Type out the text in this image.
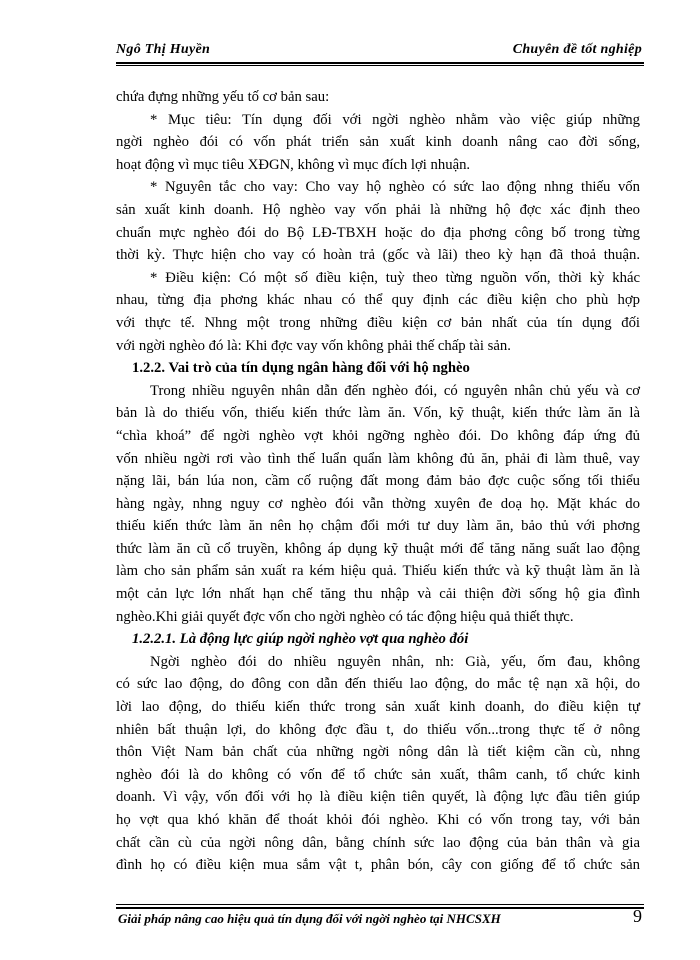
Ngô Thị Huyền	Chuyên đề tốt nghiệp

chứa đựng những yếu tố cơ bản sau:

* Mục tiêu: Tín dụng đối với ngời nghèo nhằm vào việc giúp những

ngời nghèo đói có vốn phát triển sản xuất kinh doanh nâng cao đời sống,

hoạt động vì mục tiêu XĐGN, không vì mục đích lợi nhuận.

* Nguyên tắc cho vay: Cho vay hộ nghèo có sức lao động nhng thiếu vốn

sản xuất kinh doanh. Hộ nghèo vay vốn phải là những hộ đợc xác định theo

chuẩn mực nghèo đói do Bộ LĐ-TBXH hoặc do địa phơng công bố trong từng

thời kỳ. Thực hiện cho vay có hoàn trả (gốc và lãi) theo kỳ hạn đã thoả thuận.

* Điều kiện: Có một số điều kiện, tuỳ theo từng nguồn vốn, thời kỳ khác

nhau, từng địa phơng khác nhau có thể quy định các điều kiện cho phù hợp

với thực tế. Nhng một trong những điều kiện cơ bản nhất của tín dụng đối

với ngời nghèo đó là: Khi đợc vay vốn không phải thế chấp tài sản.

1.2.2. Vai trò của tín dụng ngân hàng đối với hộ nghèo

Trong nhiều nguyên nhân dẫn đến nghèo đói, có nguyên nhân chủ yếu và cơ

bản là do thiếu vốn, thiếu kiến thức làm ăn. Vốn, kỹ thuật, kiến thức làm ăn là

“chìa khoá” để ngời nghèo vợt khỏi ngỡng nghèo đói. Do không đáp ứng đủ

vốn nhiều ngời rơi vào tình thế luẩn quẩn làm không đủ ăn, phải đi làm thuê, vay

nặng lãi, bán lúa non, cầm cố ruộng đất mong đảm bảo đợc cuộc sống tối thiểu

hàng ngày, nhng nguy cơ nghèo đói vẫn thờng xuyên đe doạ họ. Mặt khác do

thiếu kiến thức làm ăn nên họ chậm đổi mới tư duy làm ăn, bảo thủ với phơng

thức làm ăn cũ cổ truyền, không áp dụng kỹ thuật mới để tăng năng suất lao động

làm cho sản phẩm sản xuất ra kém hiệu quả. Thiếu kiến thức và kỹ thuật làm ăn là

một cản lực lớn nhất hạn chế tăng thu nhập và cải thiện đời sống hộ gia đình

nghèo.Khi giải quyết đợc vốn cho ngời nghèo có tác động hiệu quả thiết thực.

1.2.2.1. Là động lực giúp ngời nghèo vợt qua nghèo đói

Ngời nghèo đói do nhiều nguyên nhân, nh: Già, yếu, ốm đau, không

có sức lao động, do đông con dẫn đến thiếu lao động, do mắc tệ nạn xã hội, do

lời lao động, do thiếu kiến thức trong sản xuất kinh doanh, do điều kiện tự

nhiên bất thuận lợi, do không đợc đầu t, do thiếu vốn...trong thực tế ở nông

thôn Việt Nam bản chất của những ngời nông dân là tiết kiệm cần cù, nhng

nghèo đói là do không có vốn để tổ chức sản xuất, thâm canh, tổ chức kinh

doanh. Vì vậy, vốn đối với họ là điều kiện tiên quyết, là động lực đầu tiên giúp

họ vợt qua khó khăn để thoát khỏi đói nghèo. Khi có vốn trong tay, với bản

chất cần cù của ngời nông dân, bằng chính sức lao động của bản thân và gia

đình họ có điều kiện mua sắm vật t, phân bón, cây con giống để tổ chức sản

Giải pháp nâng cao hiệu quả tín dụng đối với ngời nghèo tại NHCSXH	9
